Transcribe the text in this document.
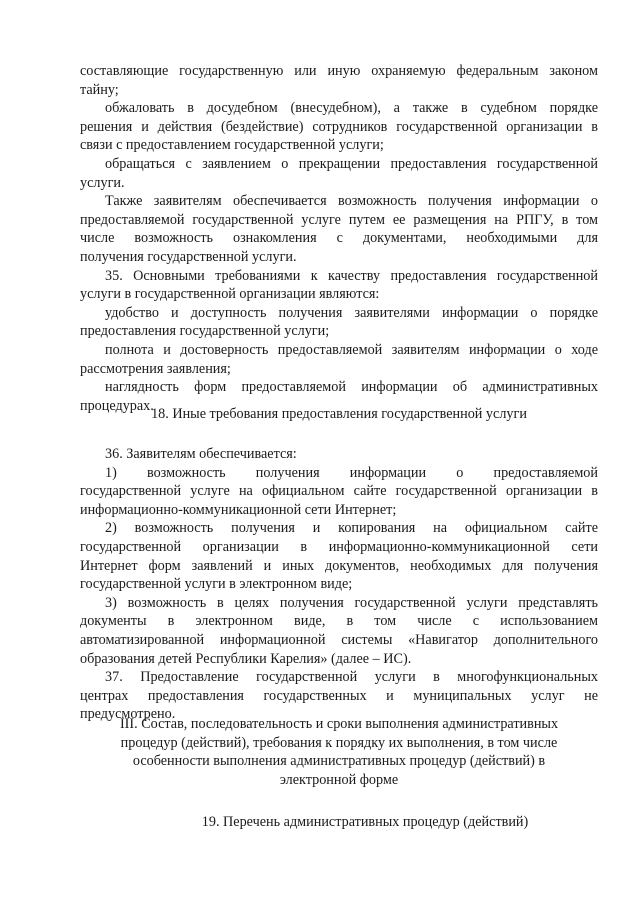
составляющие государственную или иную охраняемую федеральным законом
тайну;

обжаловать в досудебном (внесудебном), а также в судебном порядке
решения и действия (бездействие) сотрудников государственной организации в
связи с предоставлением государственной услуги;

обращаться с заявлением о прекращении предоставления государственной
услуги.

Также заявителям обеспечивается возможность получения информации о
предоставляемой государственной услуге путем ее размещения на РПГУ, в том
числе возможность ознакомления с документами, необходимыми для
получения государственной услуги.

35. Основными требованиями к качеству предоставления государственной
услуги в государственной организации являются:

удобство и доступность получения заявителями информации о порядке
предоставления государственной услуги;

полнота и достоверность предоставляемой заявителям информации о ходе
рассмотрения заявления;

наглядность форм предоставляемой информации об административных
процедурах.

18. Иные требования предоставления государственной услуги

36. Заявителям обеспечивается:

1) возможность получения информации о предоставляемой
государственной услуге на официальном сайте государственной организации в
информационно-коммуникационной сети Интернет;

2) возможность получения и копирования на официальном сайте
государственной организации в информационно-коммуникационной сети
Интернет форм заявлений и иных документов, необходимых для получения
государственной услуги в электронном виде;

3) возможность в целях получения государственной услуги представлять
документы в электронном виде, в том числе с использованием
автоматизированной информационной системы «Навигатор дополнительного
образования детей Республики Карелия» (далее – ИС).

37. Предоставление государственной услуги в многофункциональных
центрах предоставления государственных и муниципальных услуг не
предусмотрено.

III. Состав, последовательность и сроки выполнения административных
процедур (действий), требования к порядку их выполнения, в том числе
особенности выполнения административных процедур (действий) в
электронной форме

19. Перечень административных процедур (действий)
